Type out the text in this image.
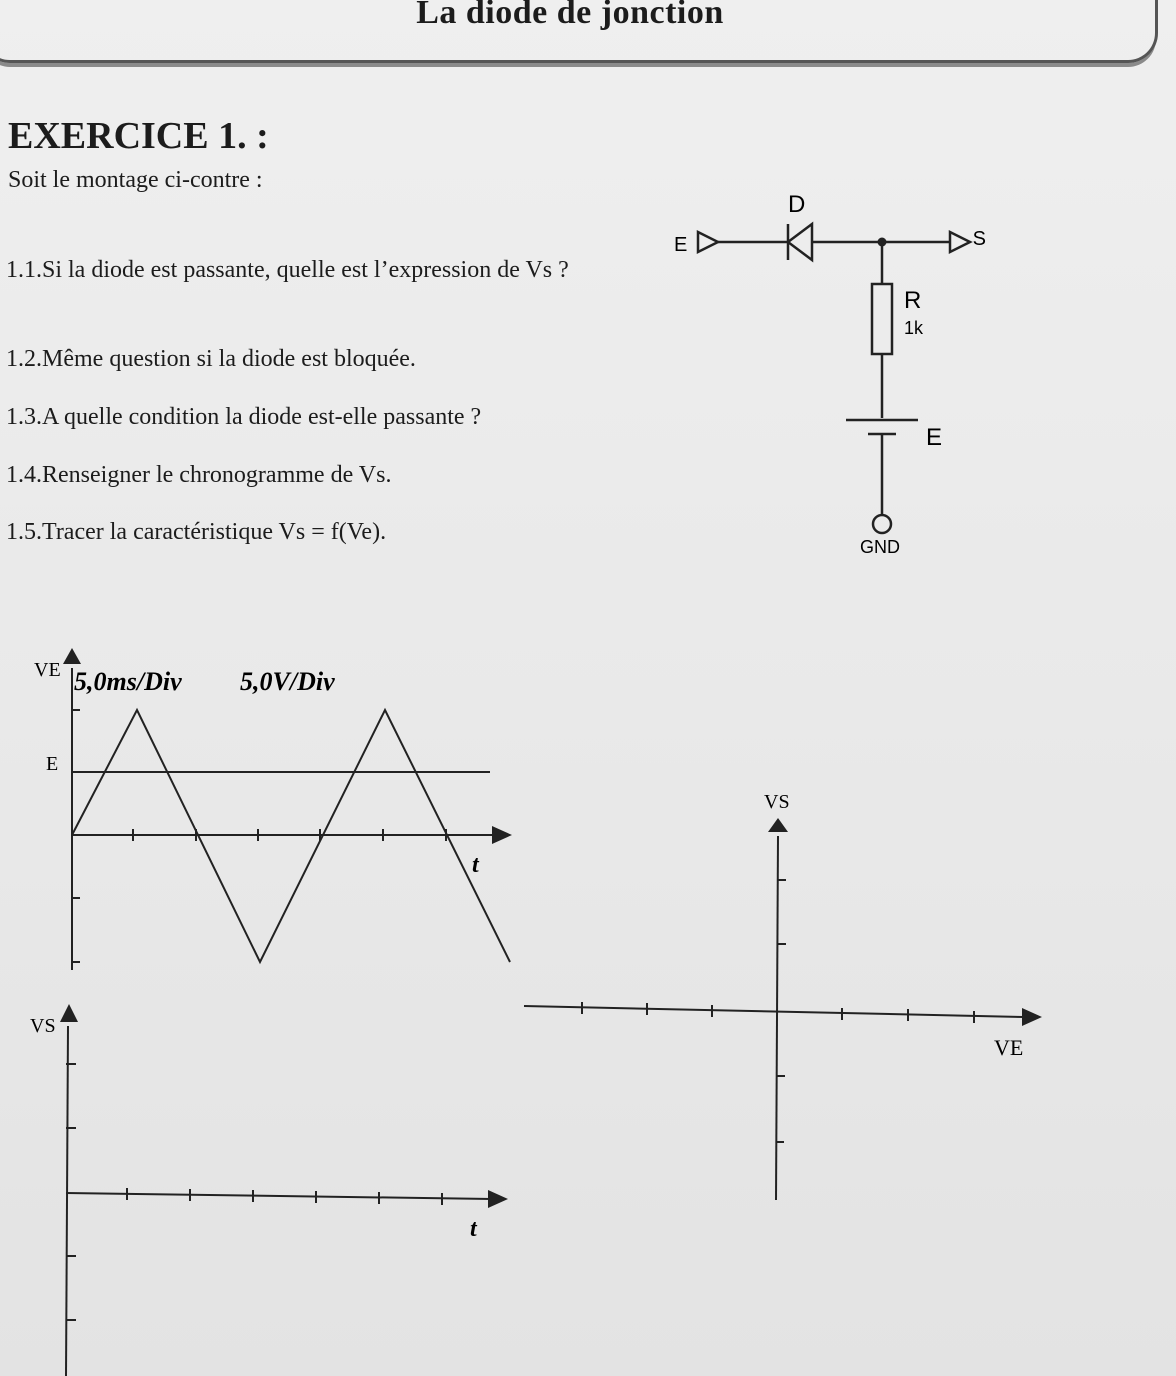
La diode de jonction
EXERCICE 1. :
Soit le montage ci-contre :
1.1.Si la diode est passante, quelle est l’expression de Vs ?
1.2.Même question si la diode est bloquée.
1.3.A quelle condition la diode est-elle passante ?
1.4.Renseigner le chronogramme de Vs.
1.5.Tracer la caractéristique Vs = f(Ve).
E
D
S
R
1k
E
GND
VE 5,0ms/Div 5,0V/Div
E
t
VS
t
VS
VE
